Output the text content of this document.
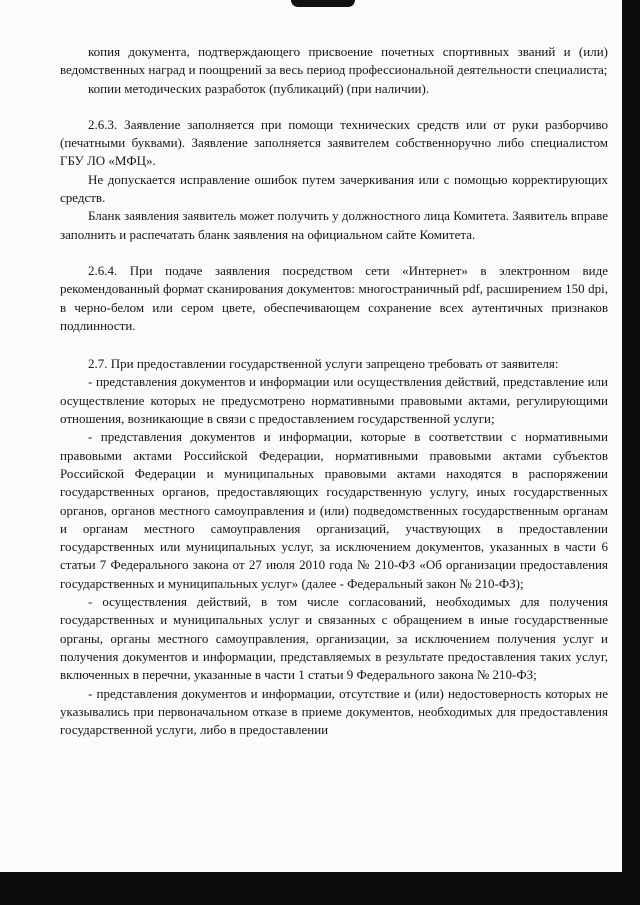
копия документа, подтверждающего присвоение почетных спортивных званий и (или) ведомственных наград и поощрений за весь период профессиональной деятельности специалиста;

копии методических разработок (публикаций) (при наличии).

2.6.3. Заявление заполняется при помощи технических средств или от руки разборчиво (печатными буквами). Заявление заполняется заявителем собственноручно либо специалистом ГБУ ЛО «МФЦ».

Не допускается исправление ошибок путем зачеркивания или с помощью корректирующих средств.

Бланк заявления заявитель может получить у должностного лица Комитета. Заявитель вправе заполнить и распечатать бланк заявления на официальном сайте Комитета.

2.6.4. При подаче заявления посредством сети «Интернет» в электронном виде рекомендованный формат сканирования документов: многостраничный pdf, расширением 150 dpi, в черно-белом или сером цвете, обеспечивающем сохранение всех аутентичных признаков подлинности.

2.7. При предоставлении государственной услуги запрещено требовать от заявителя:

- представления документов и информации или осуществления действий, представление или осуществление которых не предусмотрено нормативными правовыми актами, регулирующими отношения, возникающие в связи с предоставлением государственной услуги;

- представления документов и информации, которые в соответствии с нормативными правовыми актами Российской Федерации, нормативными правовыми актами субъектов Российской Федерации и муниципальных правовыми актами находятся в распоряжении государственных органов, предоставляющих государственную услугу, иных государственных органов, органов местного самоуправления и (или) подведомственных государственным органам и органам местного самоуправления организаций, участвующих в предоставлении государственных или муниципальных услуг, за исключением документов, указанных в части 6 статьи 7 Федерального закона от 27 июля 2010 года № 210-ФЗ «Об организации предоставления государственных и муниципальных услуг» (далее - Федеральный закон № 210-ФЗ);

- осуществления действий, в том числе согласований, необходимых для получения государственных и муниципальных услуг и связанных с обращением в иные государственные органы, органы местного самоуправления, организации, за исключением получения услуг и получения документов и информации, представляемых в результате предоставления таких услуг, включенных в перечни, указанные в части 1 статьи 9 Федерального закона № 210-ФЗ;

- представления документов и информации, отсутствие и (или) недостоверность которых не указывались при первоначальном отказе в приеме документов, необходимых для предоставления государственной услуги, либо в предоставлении
